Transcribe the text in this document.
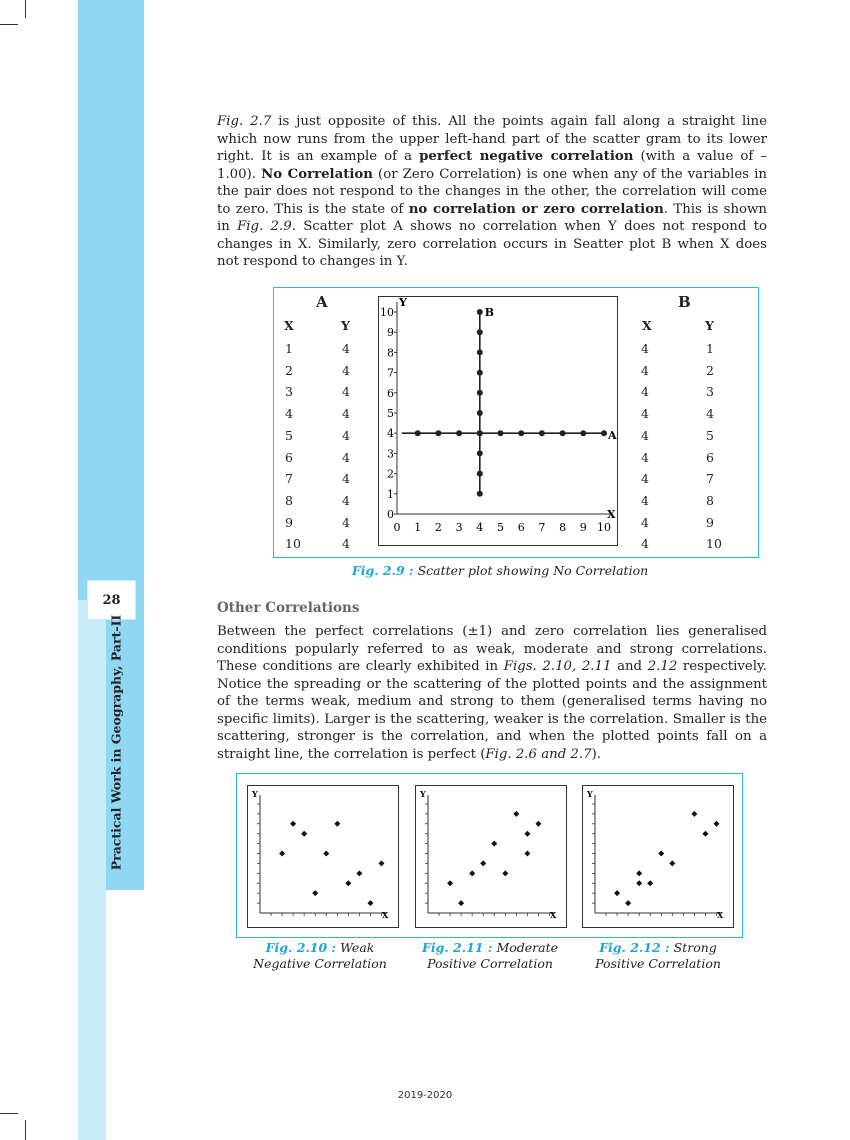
28
Practical Work in Geography, Part-II

Fig. 2.7 is just opposite of this. All the points again fall along a straight line which now runs from the upper left-hand part of the scatter gram to its lower right. It is an example of a perfect negative correlation (with a value of – 1.00). No Correlation (or Zero Correlation) is one when any of the variables in the pair does not respond to the changes in the other, the correlation will come to zero. This is the state of no correlation or zero correlation. This is shown in Fig. 2.9. Scatter plot A shows no correlation when Y does not respond to changes in X. Similarly, zero correlation occurs in Seatter plot B when X does not respond to changes in Y.

A
X	Y
1	4
2	4
3	4
4	4
5	4
6	4
7	4
8	4
9	4
10	4
B
X	Y
4	1
4	2
4	3
4	4
4	5
4	6
4	7
4	8
4	9
4	10
X
Y
0 1 2 3 4 5 6 7 8 9 10
0
1
2
3
4
5
6
7
8
9
10
A
B
Fig. 2.9 : Scatter plot showing No Correlation

Other Correlations

Between the perfect correlations (±1) and zero correlation lies generalised conditions popularly referred to as weak, moderate and strong correlations. These conditions are clearly exhibited in Figs. 2.10, 2.11 and 2.12 respectively. Notice the spreading or the scattering of the plotted points and the assignment of the terms weak, medium and strong to them (generalised terms having no specific limits). Larger is the scattering, weaker is the correlation. Smaller is the scattering, stronger is the correlation, and when the plotted points fall on a straight line, the correlation is perfect (Fig. 2.6 and 2.7).

X
Y
X
Y
X
Y
Fig. 2.10 : Weak
Negative Correlation
Fig. 2.11 : Moderate
Positive Correlation
Fig. 2.12 : Strong
Positive Correlation
2019-2020
